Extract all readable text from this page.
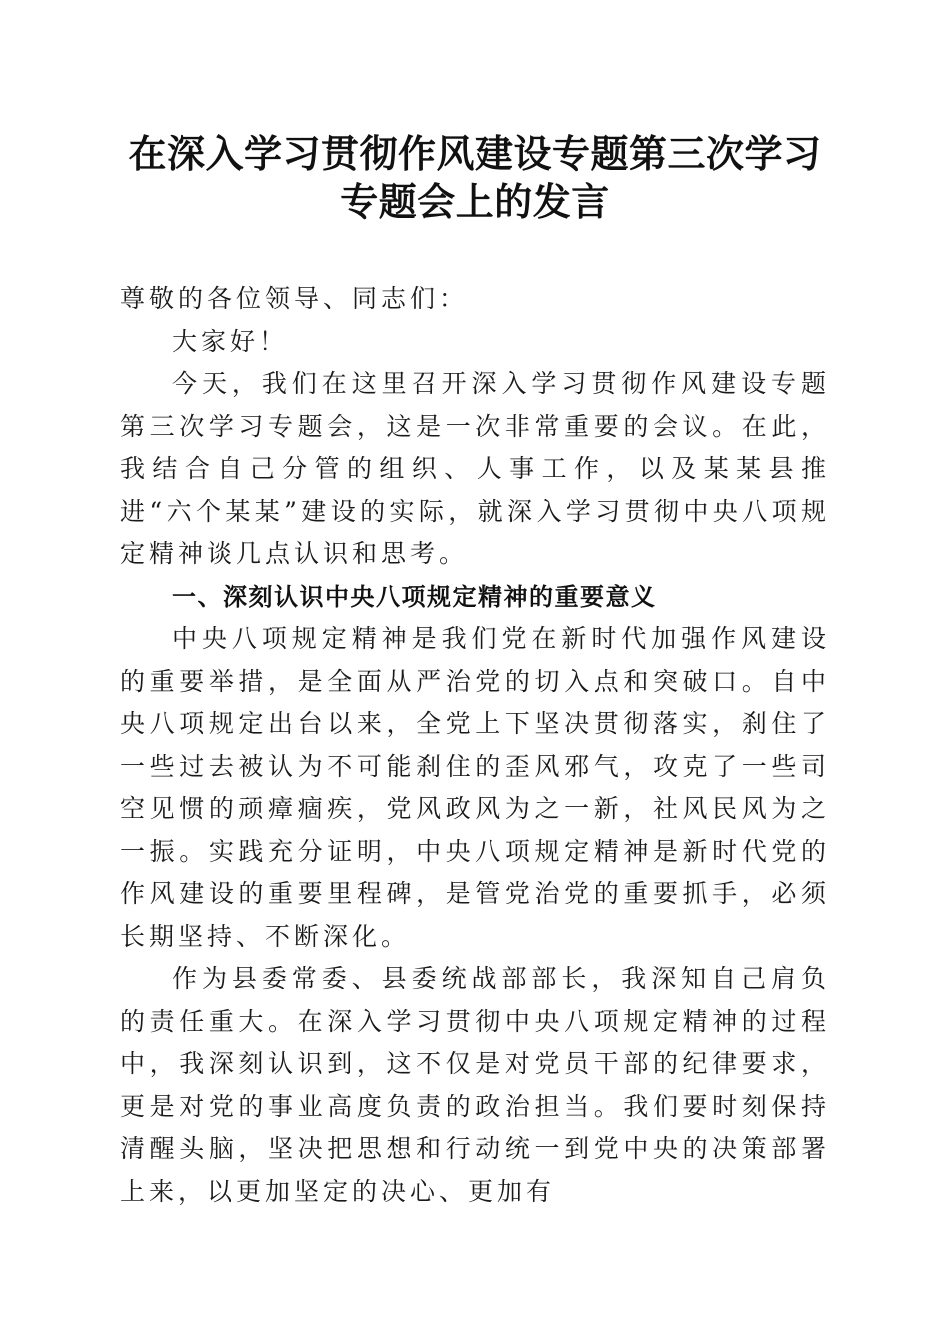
在深入学习贯彻作风建设专题第三次学习专题会上的发言

尊敬的各位领导、同志们：

大家好！

今天，我们在这里召开深入学习贯彻作风建设专题第三次学习专题会，这是一次非常重要的会议。在此，我结合自己分管的组织、人事工作，以及某某县推进“六个某某”建设的实际，就深入学习贯彻中央八项规定精神谈几点认识和思考。

一、深刻认识中央八项规定精神的重要意义

中央八项规定精神是我们党在新时代加强作风建设的重要举措，是全面从严治党的切入点和突破口。自中央八项规定出台以来，全党上下坚决贯彻落实，刹住了一些过去被认为不可能刹住的歪风邪气，攻克了一些司空见惯的顽瘴痼疾，党风政风为之一新，社风民风为之一振。实践充分证明，中央八项规定精神是新时代党的作风建设的重要里程碑，是管党治党的重要抓手，必须长期坚持、不断深化。

作为县委常委、县委统战部部长，我深知自己肩负的责任重大。在深入学习贯彻中央八项规定精神的过程中，我深刻认识到，这不仅是对党员干部的纪律要求，更是对党的事业高度负责的政治担当。我们要时刻保持清醒头脑，坚决把思想和行动统一到党中央的决策部署上来，以更加坚定的决心、更加有
